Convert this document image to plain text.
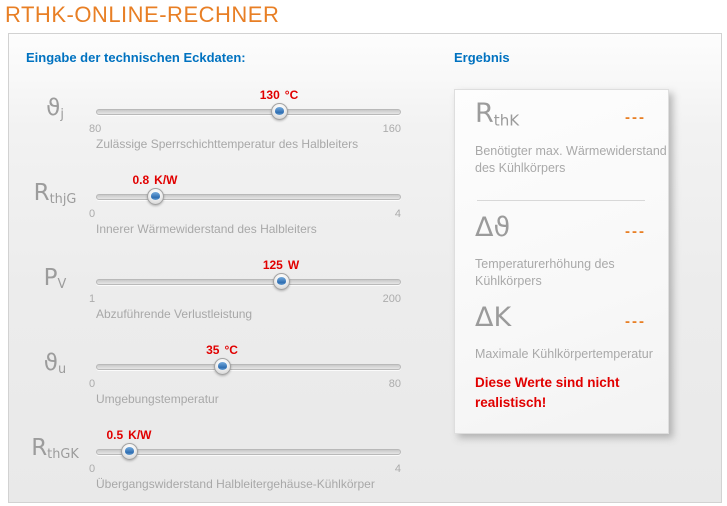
RTHK-ONLINE-RECHNER
Eingabe der technischen Eckdaten:	Ergebnis
$ϑ_j$
130 °C
80	160
Zulässige Sperrschichttemperatur des Halbleiters
$R_{thjG}$
0.8 K/W
0	4
Innerer Wärmewiderstand des Halbleiters
$P_V$
125 W
1	200
Abzuführende Verlustleistung
$ϑ_u$
35 °C
0	80
Umgebungstemperatur
$R_{thGK}$
0.5 K/W
0	4
Übergangswiderstand Halbleitergehäuse-Kühlkörper
$R_{thK}$	---
Benötigter max. Wärmewiderstand des Kühlkörpers
Δϑ	---
Temperaturerhöhung des Kühlkörpers
ΔK	---
Maximale Kühlkörpertemperatur
Diese Werte sind nicht realistisch!
